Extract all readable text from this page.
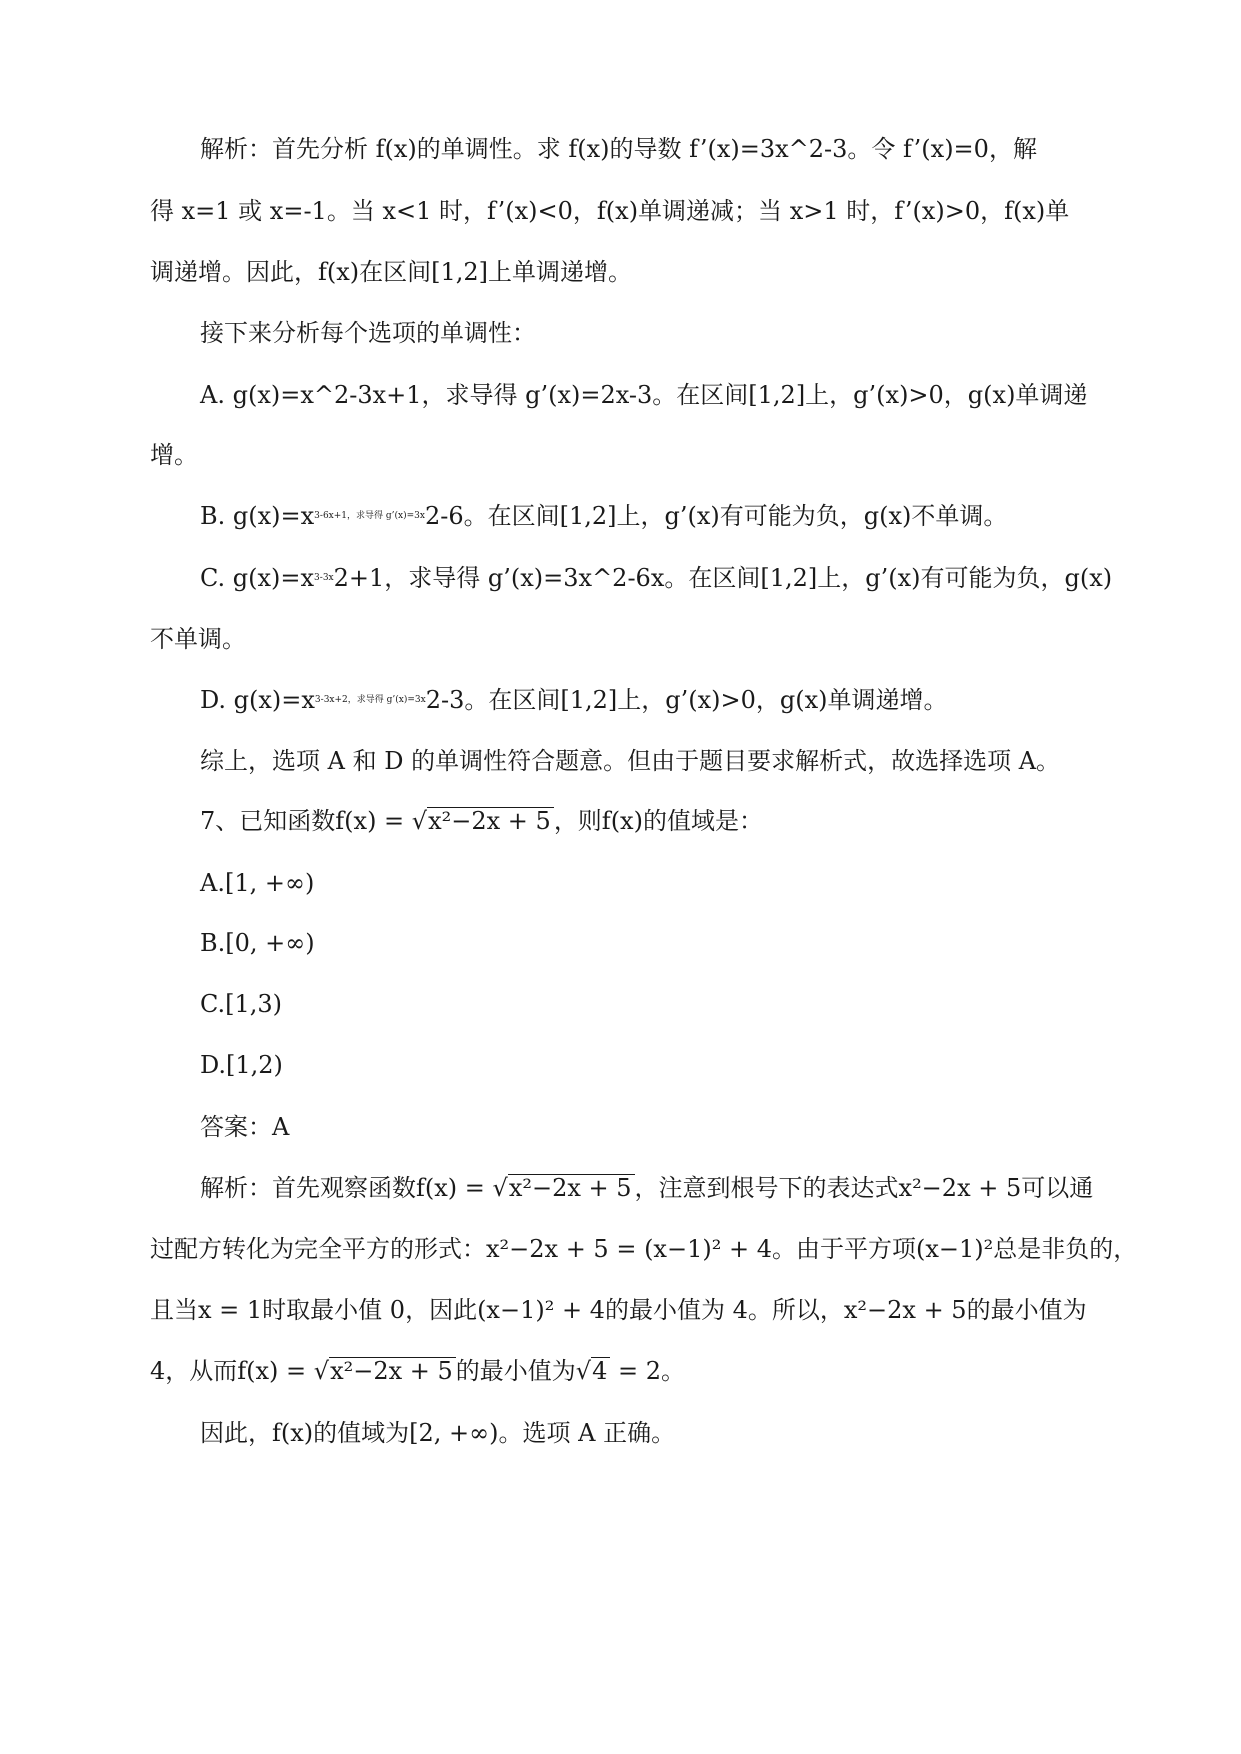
解析：首先分析 f(x)的单调性。求 f(x)的导数 f’(x)=3x^2-3。令 f’(x)=0，解
得 x=1 或 x=-1。当 x<1 时，f’(x)<0，f(x)单调递减；当 x>1 时，f’(x)>0，f(x)单
调递增。因此，f(x)在区间[1,2]上单调递增。
接下来分析每个选项的单调性：
A. g(x)=x^2-3x+1，求导得 g’(x)=2x-3。在区间[1,2]上，g’(x)>0，g(x)单调递
增。
B. $g(x)=x^{3-6x+1,求导得 g’(x)=3x}2-6$。在区间[1,2]上，g’(x)有可能为负，g(x)不单调。
C. $g(x)=x^{3-3x}2+1$，求导得 g’(x)=3x^2-6x。在区间[1,2]上，g’(x)有可能为负，g(x)
不单调。
D. $g(x)=x^{3-3x+2,求导得 g’(x)=3x}2-3$。在区间[1,2]上，g’(x)>0，g(x)单调递增。
综上，选项 A 和 D 的单调性符合题意。但由于题目要求解析式，故选择选项 A。
7、已知函数f(x) = √x²−2x + 5 ，则f(x)的值域是：
A.[1, +∞)
B.[0, +∞)
C.[1,3)
D.[1,2)
答案：A
解析：首先观察函数f(x) = √x²−2x + 5 ，注意到根号下的表达式x²−2x + 5可以通
过配方转化为完全平方的形式：x²−2x + 5 = (x−1)² + 4。由于平方项(x−1)²总是非负的，
且当x = 1时取最小值 0，因此(x−1)² + 4的最小值为 4。所以，x²−2x + 5的最小值为
4，从而f(x) = √x²−2x + 5 的最小值为√4 = 2。
因此，f(x)的值域为[2, +∞)。选项 A 正确。
